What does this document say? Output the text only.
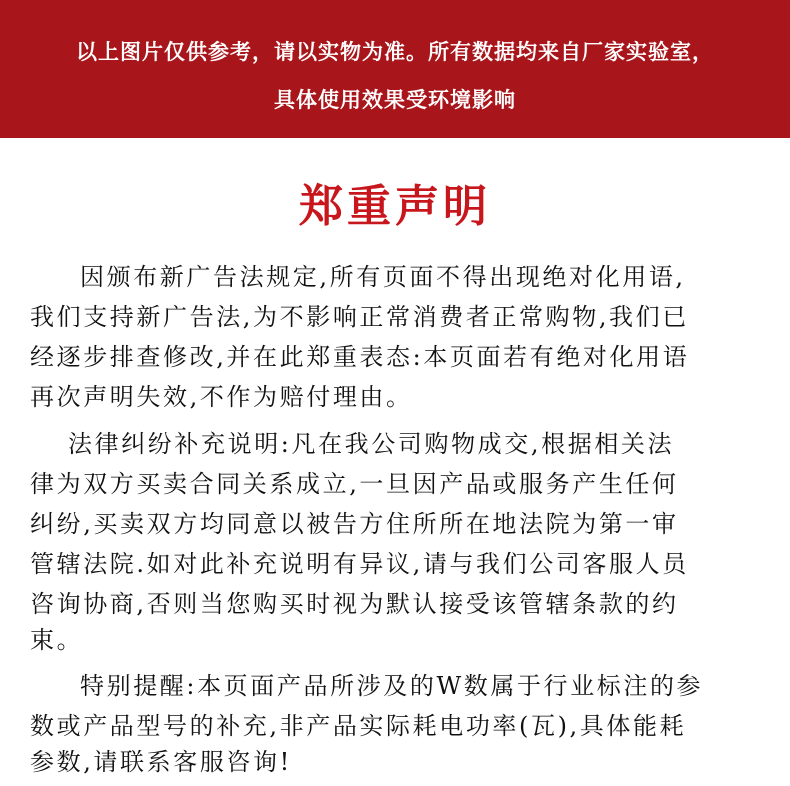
以上图片仅供参考，请以实物为准。所有数据均来自厂家实验室，
具体使用效果受环境影响
郑重声明
因颁布新广告法规定,所有页面不得出现绝对化用语,
我们支持新广告法,为不影响正常消费者正常购物,我们已
经逐步排查修改,并在此郑重表态:本页面若有绝对化用语
再次声明失效,不作为赔付理由。
法律纠纷补充说明:凡在我公司购物成交,根据相关法
律为双方买卖合同关系成立,一旦因产品或服务产生任何
纠纷,买卖双方均同意以被告方住所所在地法院为第一审
管辖法院.如对此补充说明有异议,请与我们公司客服人员
咨询协商,否则当您购买时视为默认接受该管辖条款的约
束。
特别提醒:本页面产品所涉及的W数属于行业标注的参
数或产品型号的补充,非产品实际耗电功率(瓦),具体能耗
参数,请联系客服咨询!
